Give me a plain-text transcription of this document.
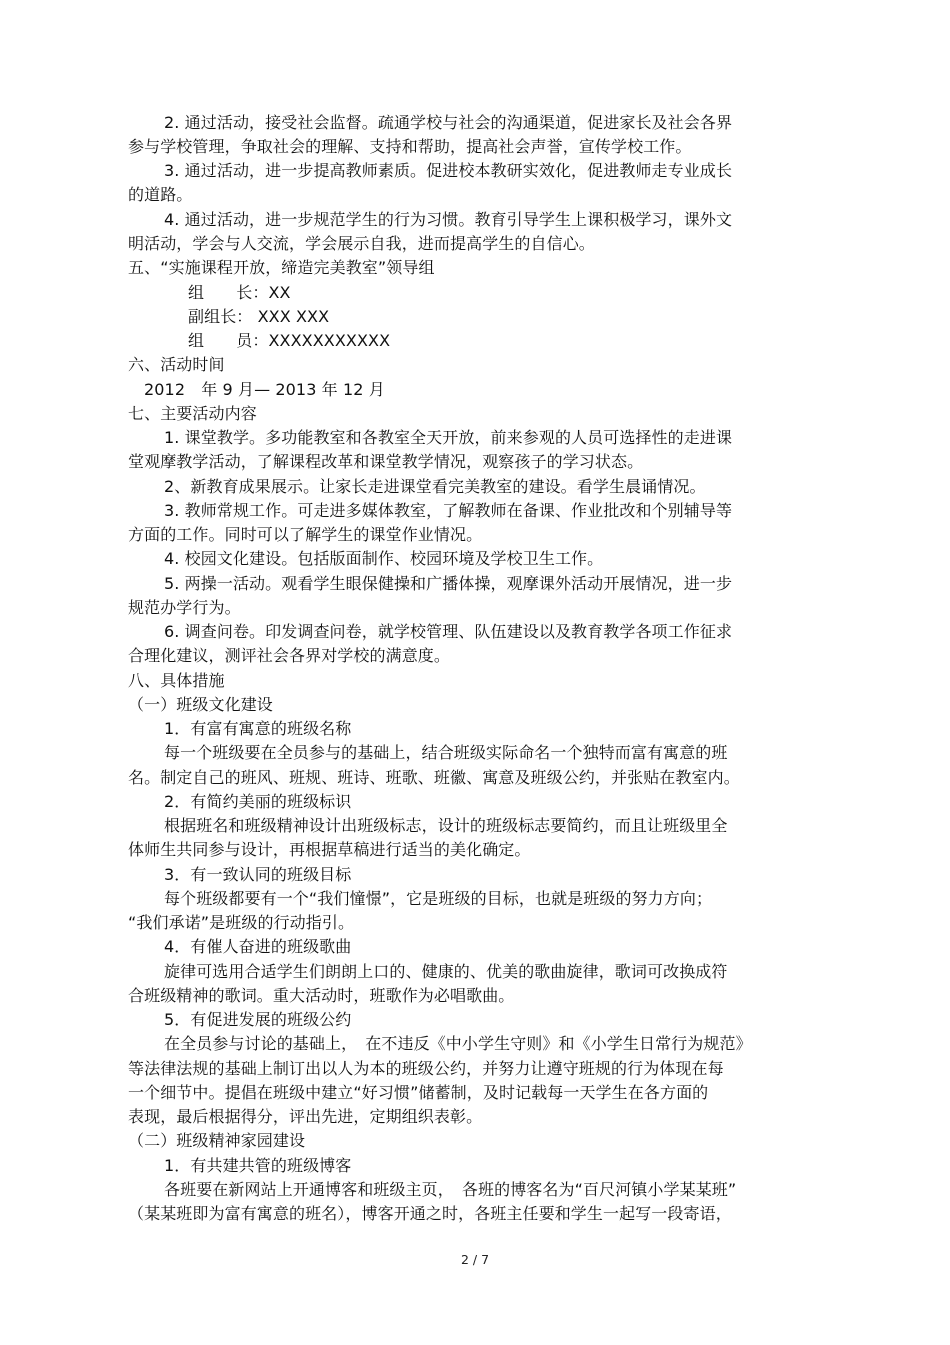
2. 通过活动，接受社会监督。疏通学校与社会的沟通渠道，促进家长及社会各界
参与学校管理，争取社会的理解、支持和帮助，提高社会声誉，宣传学校工作。
3. 通过活动，进一步提高教师素质。促进校本教研实效化，促进教师走专业成长
的道路。
4. 通过活动，进一步规范学生的行为习惯。教育引导学生上课积极学习，课外文
明活动，学会与人交流，学会展示自我，进而提高学生的自信心。
五、“实施课程开放，缔造完美教室”领导组
组　　长：XX
副组长： XXX XXX
组　　员：XXXXXXXXXXX
六、活动时间
2012　年 9 月— 2013 年 12 月
七、主要活动内容
1. 课堂教学。多功能教室和各教室全天开放，前来参观的人员可选择性的走进课
堂观摩教学活动，了解课程改革和课堂教学情况，观察孩子的学习状态。
2、新教育成果展示。让家长走进课堂看完美教室的建设。看学生晨诵情况。
3. 教师常规工作。可走进多媒体教室，了解教师在备课、作业批改和个别辅导等
方面的工作。同时可以了解学生的课堂作业情况。
4. 校园文化建设。包括版面制作、校园环境及学校卫生工作。
5. 两操一活动。观看学生眼保健操和广播体操，观摩课外活动开展情况，进一步
规范办学行为。
6. 调查问卷。印发调查问卷，就学校管理、队伍建设以及教育教学各项工作征求
合理化建议，测评社会各界对学校的满意度。
八、具体措施
（一）班级文化建设
1．有富有寓意的班级名称
每一个班级要在全员参与的基础上，结合班级实际命名一个独特而富有寓意的班
名。制定自己的班风、班规、班诗、班歌、班徽、寓意及班级公约，并张贴在教室内。
2．有简约美丽的班级标识
根据班名和班级精神设计出班级标志，设计的班级标志要简约，而且让班级里全
体师生共同参与设计，再根据草稿进行适当的美化确定。
3．有一致认同的班级目标
每个班级都要有一个“我们憧憬”，它是班级的目标，也就是班级的努力方向；
“我们承诺”是班级的行动指引。
4．有催人奋进的班级歌曲
旋律可选用合适学生们朗朗上口的、健康的、优美的歌曲旋律，歌词可改换成符
合班级精神的歌词。重大活动时，班歌作为必唱歌曲。
5．有促进发展的班级公约
在全员参与讨论的基础上，　在不违反《中小学生守则》和《小学生日常行为规范》
等法律法规的基础上制订出以人为本的班级公约，并努力让遵守班规的行为体现在每
一个细节中。提倡在班级中建立“好习惯”储蓄制，及时记载每一天学生在各方面的
表现，最后根据得分，评出先进，定期组织表彰。
（二）班级精神家园建设
1．有共建共管的班级博客
各班要在新网站上开通博客和班级主页，　各班的博客名为“百尺河镇小学某某班”
（某某班即为富有寓意的班名），博客开通之时，各班主任要和学生一起写一段寄语，
2 / 7
